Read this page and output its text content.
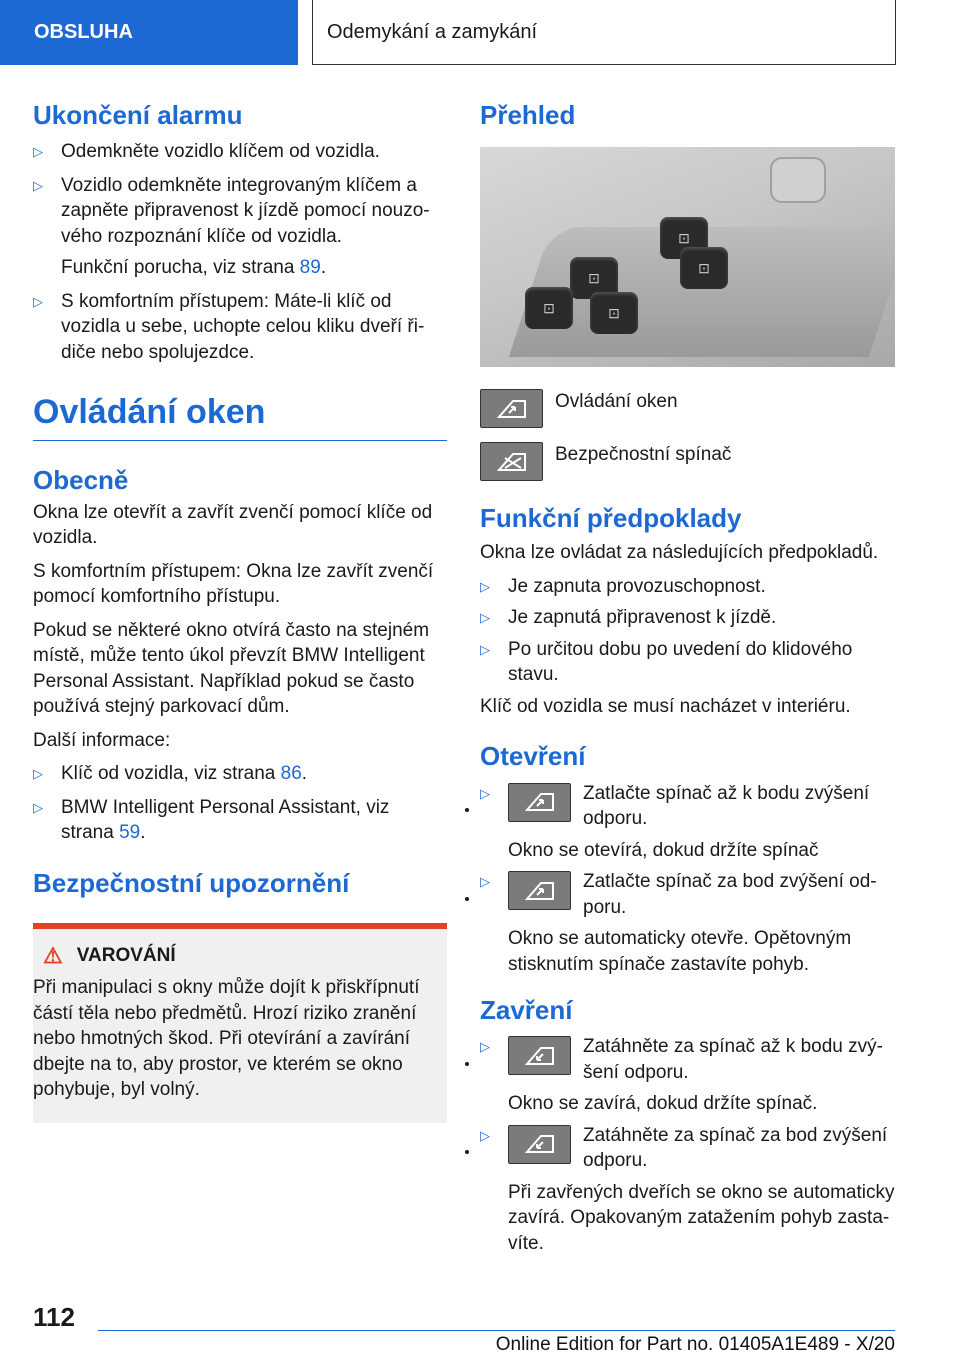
OBSLUHA	Odemykání a zamykání
Ukončení alarmu
▷ Odemkněte vozidlo klíčem od vozidla.
▷ Vozidlo odemkněte integrovaným klíčem a zapněte připravenost k jízdě pomocí nouzového rozpoznání klíče od vozidla.

Funkční porucha, viz strana 89.

▷ S komfortním přístupem: Máte-li klíč od vozidla u sebe, uchopte celou kliku dveří řidiče nebo spolujezdce.
Ovládání oken
Obecně

Okna lze otevřít a zavřít zvenčí pomocí klíče od vozidla.

S komfortním přístupem: Okna lze zavřít zvenčí pomocí komfortního přístupu.

Pokud se některé okno otvírá často na stejném místě, může tento úkol převzít BMW Intelligent Personal Assistant. Například pokud se často používá stejný parkovací dům.

Další informace:

▷ Klíč od vozidla, viz strana 86.
▷ BMW Intelligent Personal Assistant, viz strana 59.
Bezpečnostní upozornění
⚠ VAROVÁNÍ

Při manipulaci s okny může dojít k přiskřípnutí částí těla nebo předmětů. Hrozí riziko zranění nebo hmotných škod. Při otevírání a zavírání dbejte na to, aby prostor, ve kterém se okno pohybuje, byl volný.

Přehled
⊡
⊡
⊡
⊡
⊡
Ovládání oken
Bezpečnostní spínač
Funkční předpoklady

Okna lze ovládat za následujících předpokladů.

▷ Je zapnuta provozuschopnost.
▷ Je zapnutá připravenost k jízdě.
▷ Po určitou dobu po uvedení do klidového stavu.

Klíč od vozidla se musí nacházet v interiéru.

Otevření
• ▷	Zatlačte spínač až k bodu zvýšení odporu.

Okno se otevírá, dokud držíte spínač

• ▷	Zatlačte spínač za bod zvýšení odporu.

Okno se automaticky otevře. Opětovným stisknutím spínače zastavíte pohyb.

Zavření
• ▷	Zatáhněte za spínač až k bodu zvýšení odporu.

Okno se zavírá, dokud držíte spínač.

• ▷	Zatáhněte za spínač za bod zvýšení odporu.

Při zavřených dveřích se okno se automaticky zavírá. Opakovaným zatažením pohyb zastavíte.

112
Online Edition for Part no. 01405A1E489 - X/20
